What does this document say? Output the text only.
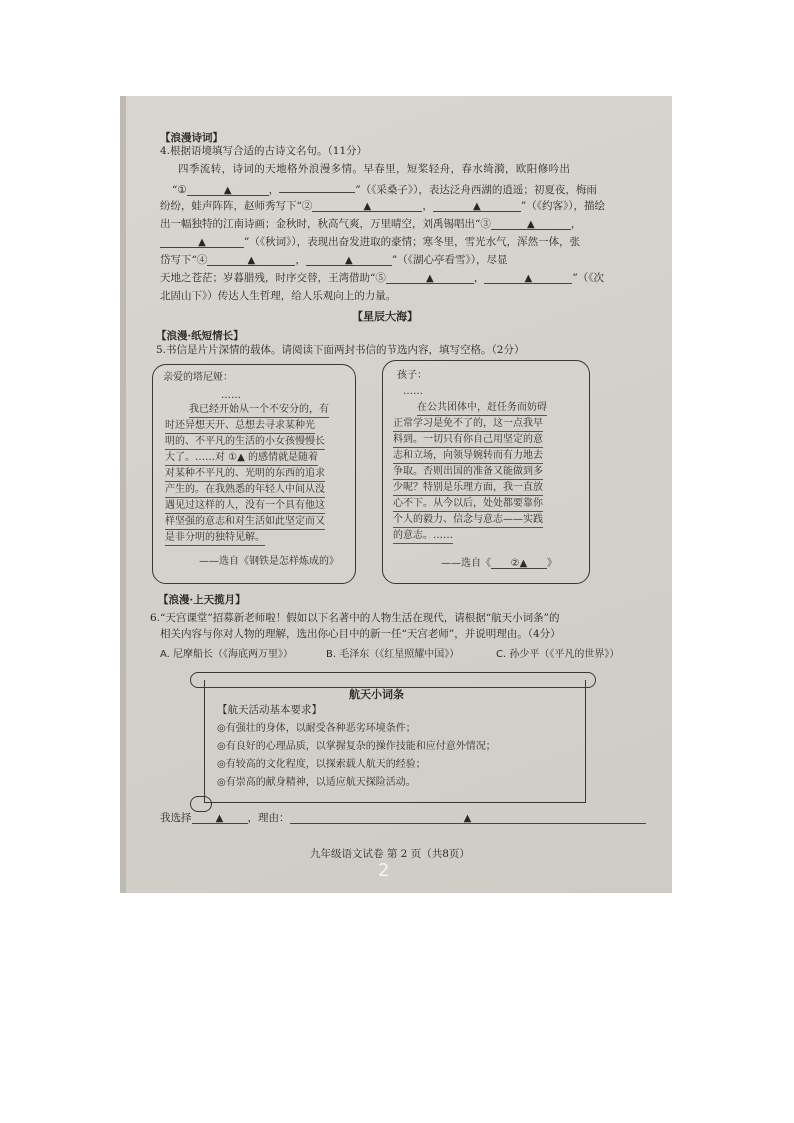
【浪漫诗词】
4.根据语境填写合适的古诗文名句。（11分）
四季流转，诗词的天地格外浪漫多情。早春里，短桨轻舟，春水绮漪，欧阳修吟出
“①	▲	，	”（《采桑子》），表达泛舟西湖的逍遥；初夏夜，梅雨
纷纷，蛙声阵阵，赵师秀写下“②	▲	，	▲	”（《约客》），描绘
出一幅独特的江南诗画；金秋时，秋高气爽，万里晴空，刘禹锡唱出“③	▲	，
▲	”（《秋词》），表现出奋发进取的豪情；寒冬里，雪光水气，浑然一体，张
岱写下“④	▲	，	▲	”（《湖心亭看雪》），尽显
天地之苍茫；岁暮腊残，时序交替，王湾借助“⑤	▲	，	▲	”（《次
北固山下》）传达人生哲理，给人乐观向上的力量。
【星辰大海】
【浪漫·纸短情长】
5.书信是片片深情的载体。请阅读下面两封书信的节选内容，填写空格。（2分）
亲爱的塔尼娅：
……
我已经开始从一个不安分的，有
时还异想天开、总想去寻求某种光
明的、不平凡的生活的小女孩慢慢长
大了。……对 ①▲ 的感情就是随着
对某种不平凡的、光明的东西的追求
产生的。在我熟悉的年轻人中间从没
遇见过这样的人，没有一个具有他这
样坚强的意志和对生活如此坚定而又
是非分明的独特见解。
——选自《钢铁是怎样炼成的》
孩子：
……
在公共团体中，赶任务而妨碍
正常学习是免不了的，这一点我早
料到。一切只有你自己用坚定的意
志和立场，向领导婉转而有力地去
争取。否则出国的准备又能做到多
少呢？特别是乐理方面，我一直放
心不下。从今以后，处处都要靠你
个人的毅力、信念与意志——实践
的意志。……
——选自《 ②▲ 》
【浪漫·上天揽月】
6.“天宫课堂”招募新老师啦！假如以下名著中的人物生活在现代，请根据“航天小词条”的
相关内容与你对人物的理解，选出你心目中的新一任“天宫老师”，并说明理由。（4分）
A. 尼摩船长（《海底两万里》）	B. 毛泽东（《红星照耀中国》）	C. 孙少平（《平凡的世界》）
航天小词条
【航天活动基本要求】
◎有强壮的身体，以耐受各种恶劣环境条件；
◎有良好的心理品质，以掌握复杂的操作技能和应付意外情况；
◎有较高的文化程度，以探索载人航天的经验；
◎有崇高的献身精神，以适应航天探险活动。
我选择 ▲ ，理由：	▲
九年级语文试卷 第 2 页（共8页）
2
